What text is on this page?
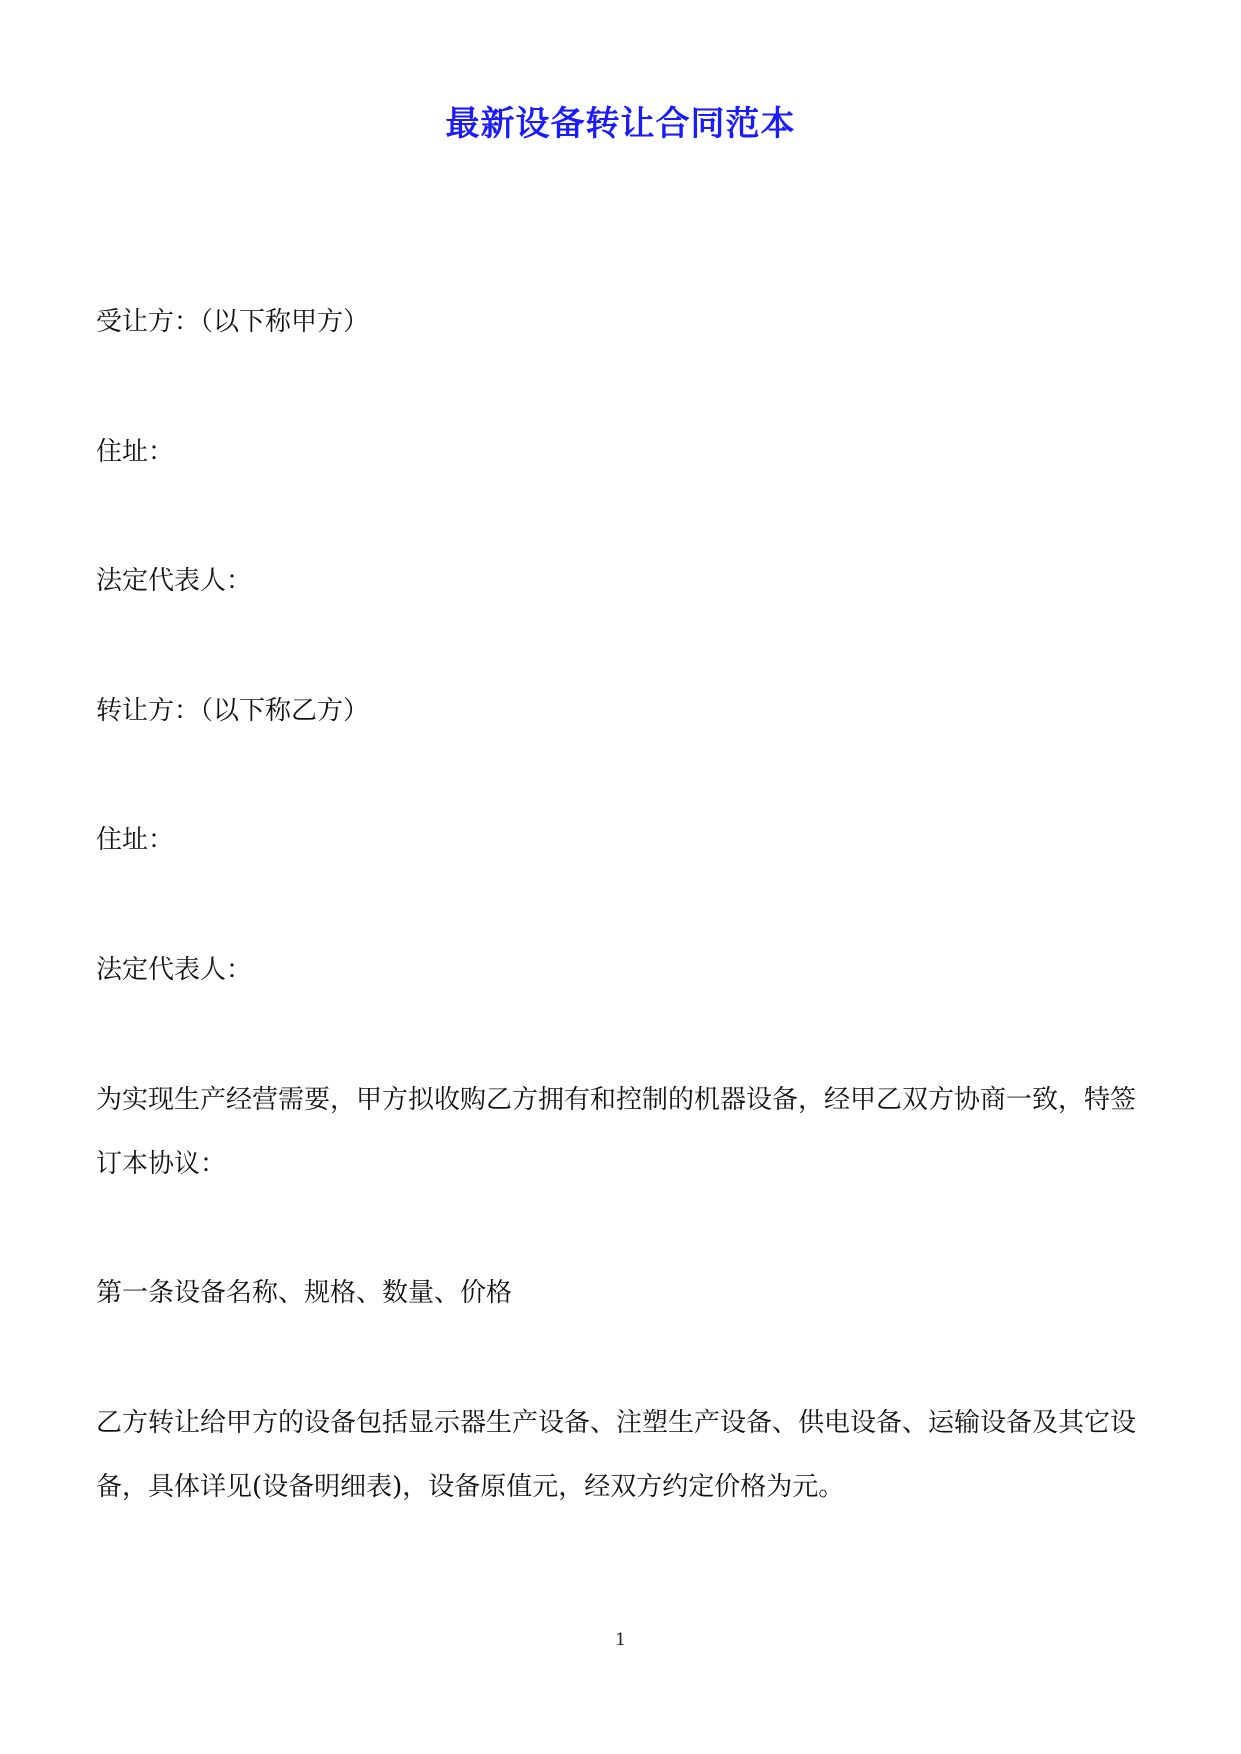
最新设备转让合同范本
受让方：（以下称甲方）
住址：
法定代表人：
转让方：（以下称乙方）
住址：
法定代表人：
为实现生产经营需要，甲方拟收购乙方拥有和控制的机器设备，经甲乙双方协商一致，特签订本协议：
第一条设备名称、规格、数量、价格
乙方转让给甲方的设备包括显示器生产设备、注塑生产设备、供电设备、运输设备及其它设备，具体详见(设备明细表)，设备原值元，经双方约定价格为元。
1
